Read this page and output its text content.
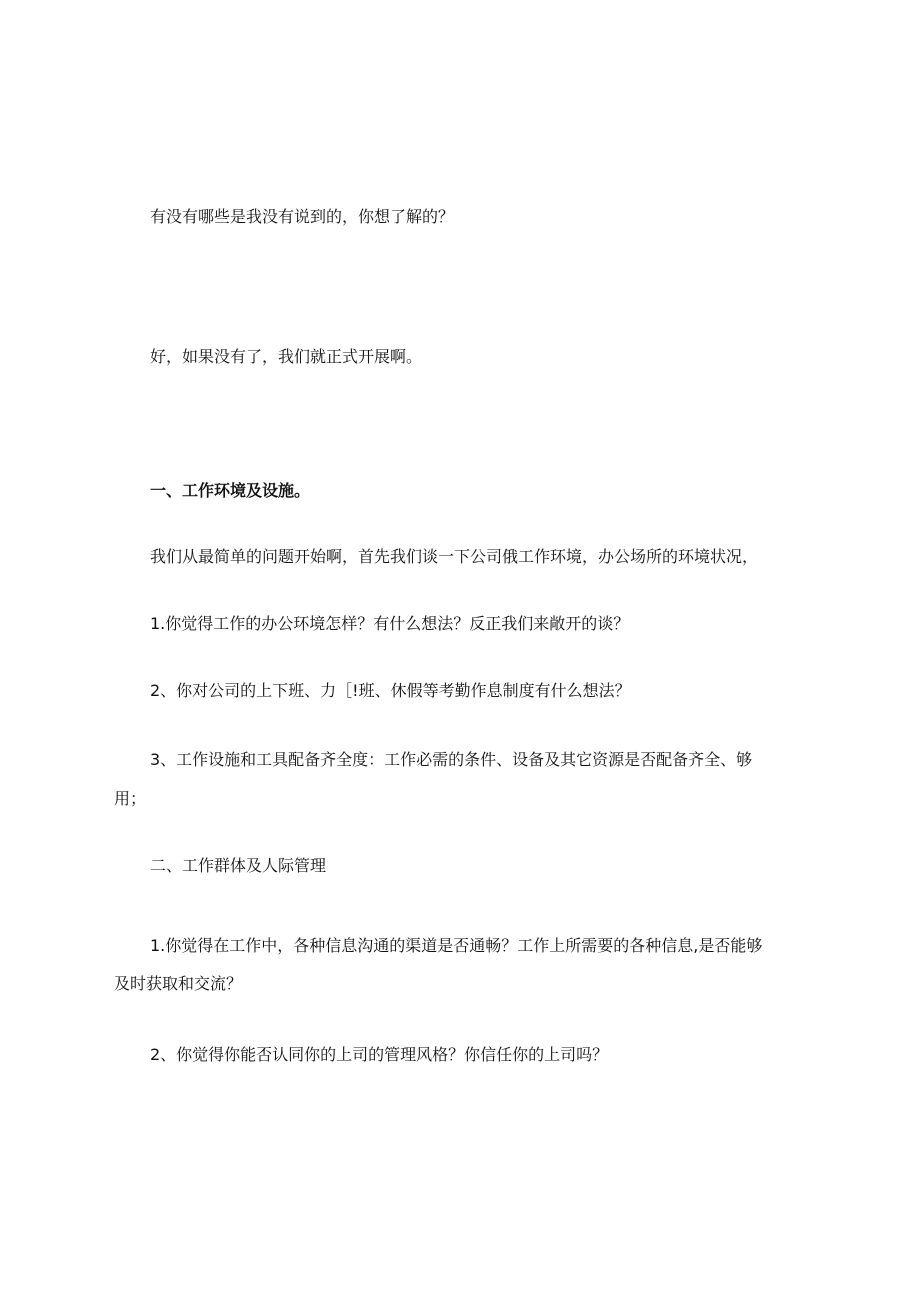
有没有哪些是我没有说到的，你想了解的？
好，如果没有了，我们就正式开展啊。
一、工作环境及设施。
我们从最简单的问题开始啊，首先我们谈一下公司俄工作环境，办公场所的环境状况，
1.你觉得工作的办公环境怎样？有什么想法？反正我们来敞开的谈？
2、你对公司的上下班、力［!班、休假等考勤作息制度有什么想法？
3、工作设施和工具配备齐全度：工作必需的条件、设备及其它资源是否配备齐全、够
用；
二、工作群体及人际管理
1.你觉得在工作中，各种信息沟通的渠道是否通畅？工作上所需要的各种信息,是否能够
及时获取和交流？
2、你觉得你能否认同你的上司的管理风格？你信任你的上司吗？
